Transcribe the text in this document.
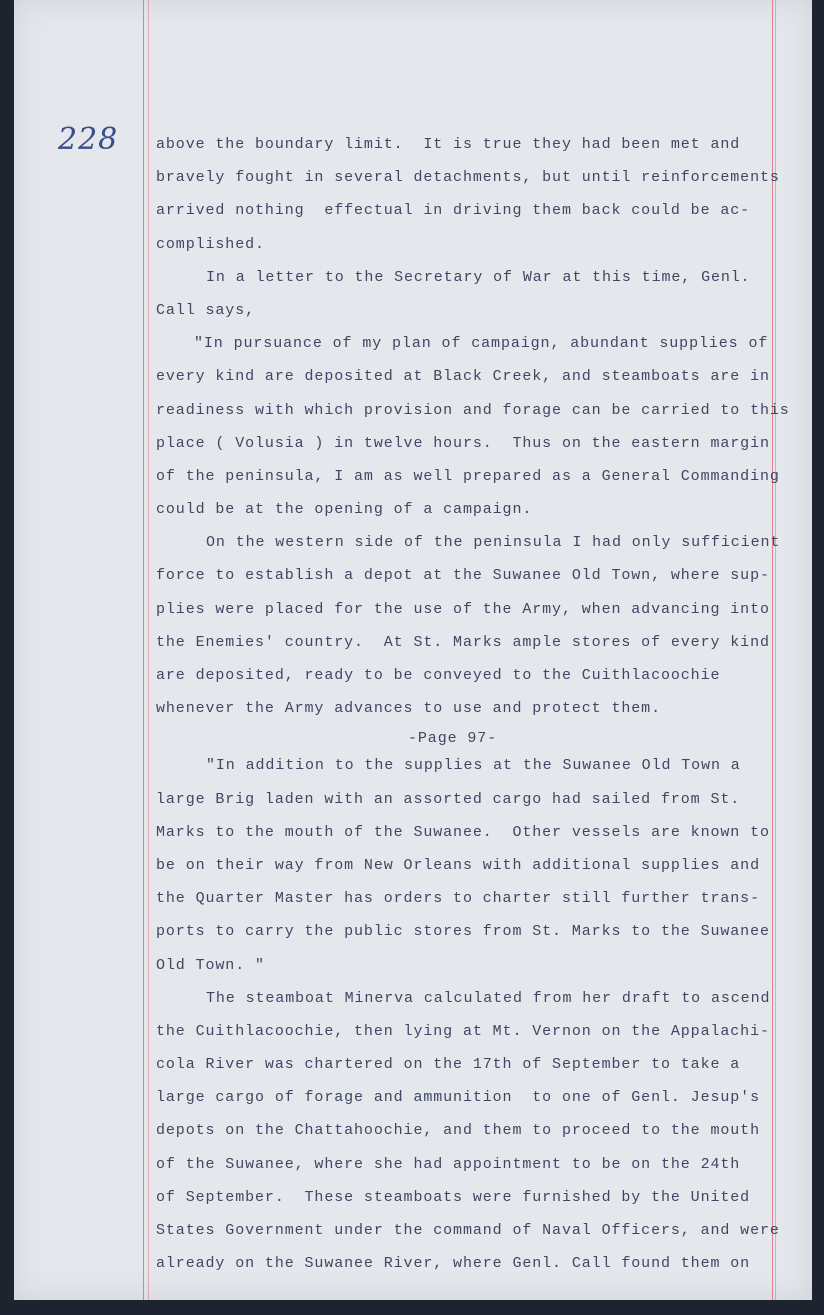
228	above the boundary limit.  It is true they had been met and
bravely fought in several detachments, but until reinforcements
arrived nothing  effectual in driving them back could be ac-
complished.
In a letter to the Secretary of War at this time, Genl.
Call says,
"In pursuance of my plan of campaign, abundant supplies of
every kind are deposited at Black Creek, and steamboats are in
readiness with which provision and forage can be carried to this
place ( Volusia ) in twelve hours.  Thus on the eastern margin
of the peninsula, I am as well prepared as a General Commanding
could be at the opening of a campaign.
On the western side of the peninsula I had only sufficient
force to establish a depot at the Suwanee Old Town, where sup-
plies were placed for the use of the Army, when advancing into
the Enemies' country.  At St. Marks ample stores of every kind
are deposited, ready to be conveyed to the Cuithlacoochie
whenever the Army advances to use and protect them.
-Page 97-
"In addition to the supplies at the Suwanee Old Town a
large Brig laden with an assorted cargo had sailed from St.
Marks to the mouth of the Suwanee.  Other vessels are known to
be on their way from New Orleans with additional supplies and
the Quarter Master has orders to charter still further trans-
ports to carry the public stores from St. Marks to the Suwanee
Old Town. "
The steamboat Minerva calculated from her draft to ascend
the Cuithlacoochie, then lying at Mt. Vernon on the Appalachi-
cola River was chartered on the 17th of September to take a
large cargo of forage and ammunition  to one of Genl. Jesup's
depots on the Chattahoochie, and them to proceed to the mouth
of the Suwanee, where she had appointment to be on the 24th
of September.  These steamboats were furnished by the United
States Government under the command of Naval Officers, and were
already on the Suwanee River, where Genl. Call found them on
